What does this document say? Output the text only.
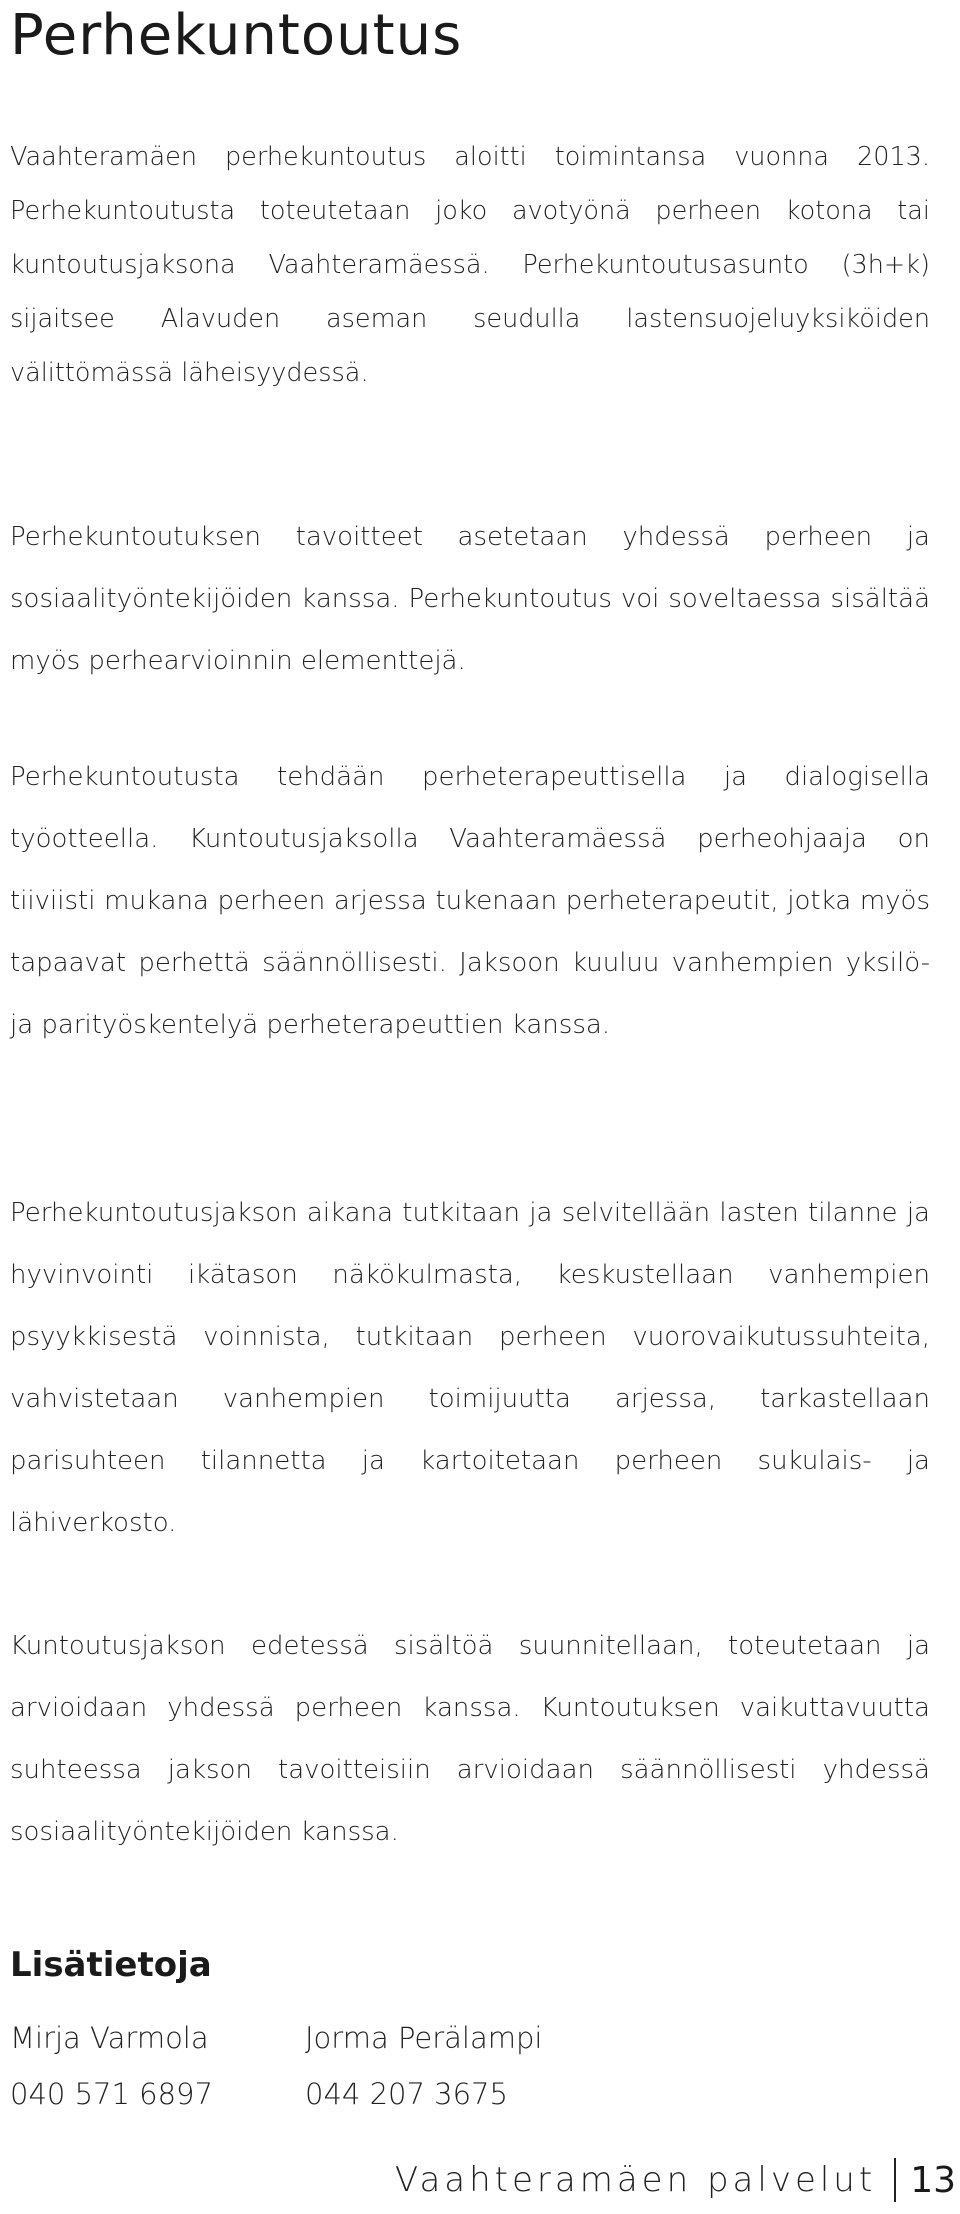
Perhekuntoutus

Vaahteramäen perhekuntoutus aloitti toimintansa vuonna 2013. Perhekuntoutusta toteutetaan joko avotyönä perheen kotona tai kuntoutusjaksona Vaahteramäessä. Perhekuntoutusasunto (3h+k) sijaitsee Alavuden aseman seudulla lastensuojeluyksiköiden välittömässä läheisyydessä.

Perhekuntoutuksen tavoitteet asetetaan yhdessä perheen ja sosiaalityöntekijöiden kanssa. Perhekuntoutus voi soveltaessa sisältää myös perhearvioinnin elementtejä.

Perhekuntoutusta tehdään perheterapeuttisella ja dialogisella työotteella. Kuntoutusjaksolla Vaahteramäessä perheohjaaja on tiiviisti mukana perheen arjessa tukenaan perheterapeutit, jotka myös tapaavat perhettä säännöllisesti. Jaksoon kuuluu vanhempien yksilö- ja parityöskentelyä perheterapeuttien kanssa.

Perhekuntoutusjakson aikana tutkitaan ja selvitellään lasten tilanne ja hyvinvointi ikätason näkökulmasta, keskustellaan vanhempien psyykkisestä voinnista, tutkitaan perheen vuorovaikutussuhteita, vahvistetaan vanhempien toimijuutta arjessa, tarkastellaan parisuhteen tilannetta ja kartoitetaan perheen sukulais- ja lähiverkosto.

Kuntoutusjakson edetessä sisältöä suunnitellaan, toteutetaan ja arvioidaan yhdessä perheen kanssa. Kuntoutuksen vaikuttavuutta suhteessa jakson tavoitteisiin arvioidaan säännöllisesti yhdessä sosiaalityöntekijöiden kanssa.

Lisätietoja
Mirja Varmola
040 571 6897
Jorma Perälampi
044 207 3675
Vaahteramäen palvelut 13
